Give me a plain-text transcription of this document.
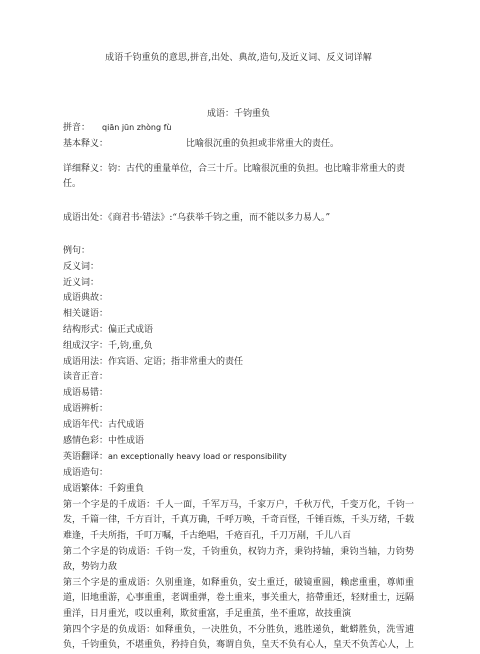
成语千钧重负的意思,拼音,出处、典故,造句,及近义词、反义词详解
成语：千钧重负
拼音： qiān jūn zhòng fù
基本释义：	比喻很沉重的负担或非常重大的责任。
详细释义：钧：古代的重量单位，合三十斤。比喻很沉重的负担。也比喻非常重大的责任。
成语出处：《商君书·错法》:“乌获举千钧之重，而不能以多力易人。”
例句：
反义词：
近义词：
成语典故：
相关谜语：
结构形式：偏正式成语
组成汉字：千,钧,重,负
成语用法：作宾语、定语；指非常重大的责任
读音正音：
成语易错：
成语辨析：
成语年代：古代成语
感情色彩：中性成语
英语翻译：an exceptionally heavy load or responsibility
成语造句：
成语繁体：千鈞重負
第一个字是的千成语：千人一面，千军万马，千家万户，千秋万代，千变万化，千钧一发，千篇一律，千方百计，千真万确，千呼万唤，千奇百怪，千锤百炼，千头万绪，千载难逢，千夫所指，千叮万嘱，千古绝唱，千疮百孔，千刀万剐，千儿八百
第二个字是的钧成语：千钧一发，千钧重负，权钧力齐，秉钧持轴，秉钧当轴，力钧势敌，势钧力敌
第三个字是的重成语：久别重逢，如释重负，安土重迁，破镜重圆，赖虑重重，尊师重道，旧地重游，心事重重，老调重弹，卷土重来，事关重大，掊帶重还，轻财重士，远隔重洋，日月重光，哎以重利，欺贫重富，手足重茧，坐不重席，故技重演
第四个字是的负成语：如释重负，一决胜负，不分胜负，逃胜递负，蚍蟒胜负，洗雪逋负，千钧重负，不堪重负，矜持自负，骞谓自负，皇天不负有心人，皇天不负苦心人，上
